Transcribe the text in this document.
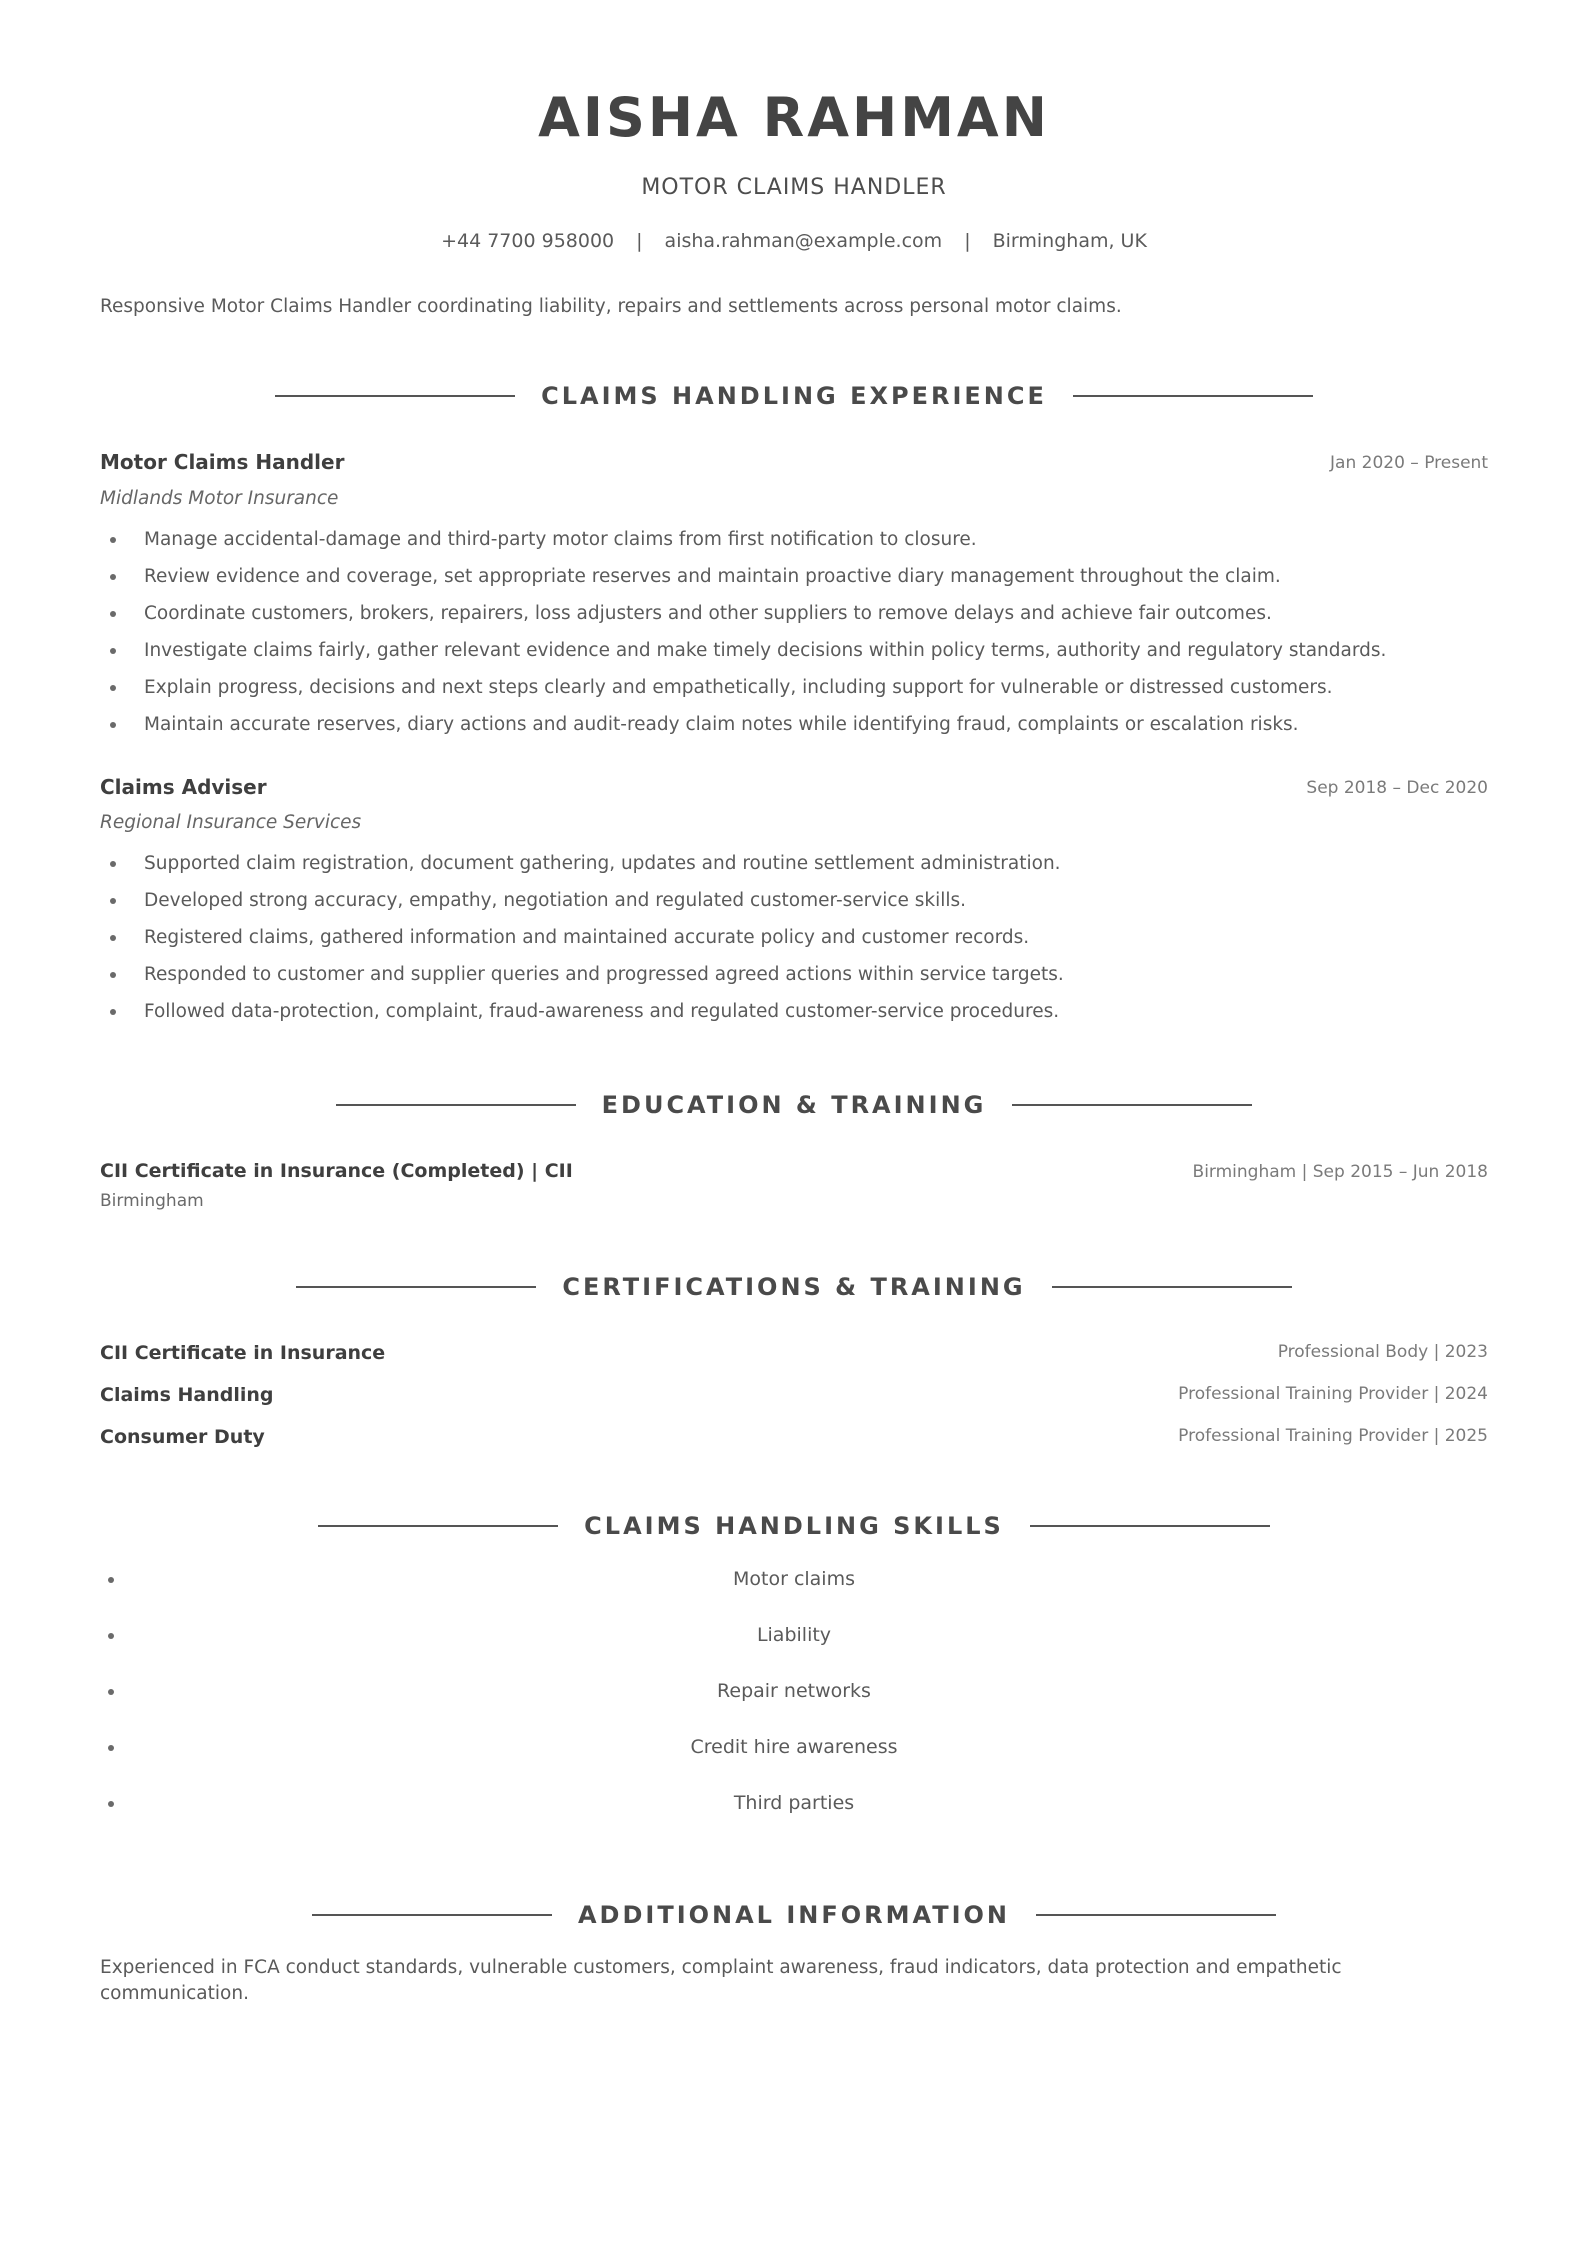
AISHA RAHMAN
MOTOR CLAIMS HANDLER
+44 7700 958000 | aisha.rahman@example.com | Birmingham, UK
Responsive Motor Claims Handler coordinating liability, repairs and settlements across personal motor claims.
CLAIMS HANDLING EXPERIENCE
Motor Claims Handler	Jan 2020 – Present
Midlands Motor Insurance
Manage accidental-damage and third-party motor claims from first notification to closure.
Review evidence and coverage, set appropriate reserves and maintain proactive diary management throughout the claim.
Coordinate customers, brokers, repairers, loss adjusters and other suppliers to remove delays and achieve fair outcomes.
Investigate claims fairly, gather relevant evidence and make timely decisions within policy terms, authority and regulatory standards.
Explain progress, decisions and next steps clearly and empathetically, including support for vulnerable or distressed customers.
Maintain accurate reserves, diary actions and audit-ready claim notes while identifying fraud, complaints or escalation risks.
Claims Adviser	Sep 2018 – Dec 2020
Regional Insurance Services
Supported claim registration, document gathering, updates and routine settlement administration.
Developed strong accuracy, empathy, negotiation and regulated customer-service skills.
Registered claims, gathered information and maintained accurate policy and customer records.
Responded to customer and supplier queries and progressed agreed actions within service targets.
Followed data-protection, complaint, fraud-awareness and regulated customer-service procedures.
EDUCATION & TRAINING
CII Certificate in Insurance (Completed) | CII	Birmingham | Sep 2015 – Jun 2018
Birmingham
CERTIFICATIONS & TRAINING
CII Certificate in Insurance	Professional Body | 2023
Claims Handling	Professional Training Provider | 2024
Consumer Duty	Professional Training Provider | 2025
CLAIMS HANDLING SKILLS
Motor claims
Liability
Repair networks
Credit hire awareness
Third parties
ADDITIONAL INFORMATION
Experienced in FCA conduct standards, vulnerable customers, complaint awareness, fraud indicators, data protection and empathetic communication.
